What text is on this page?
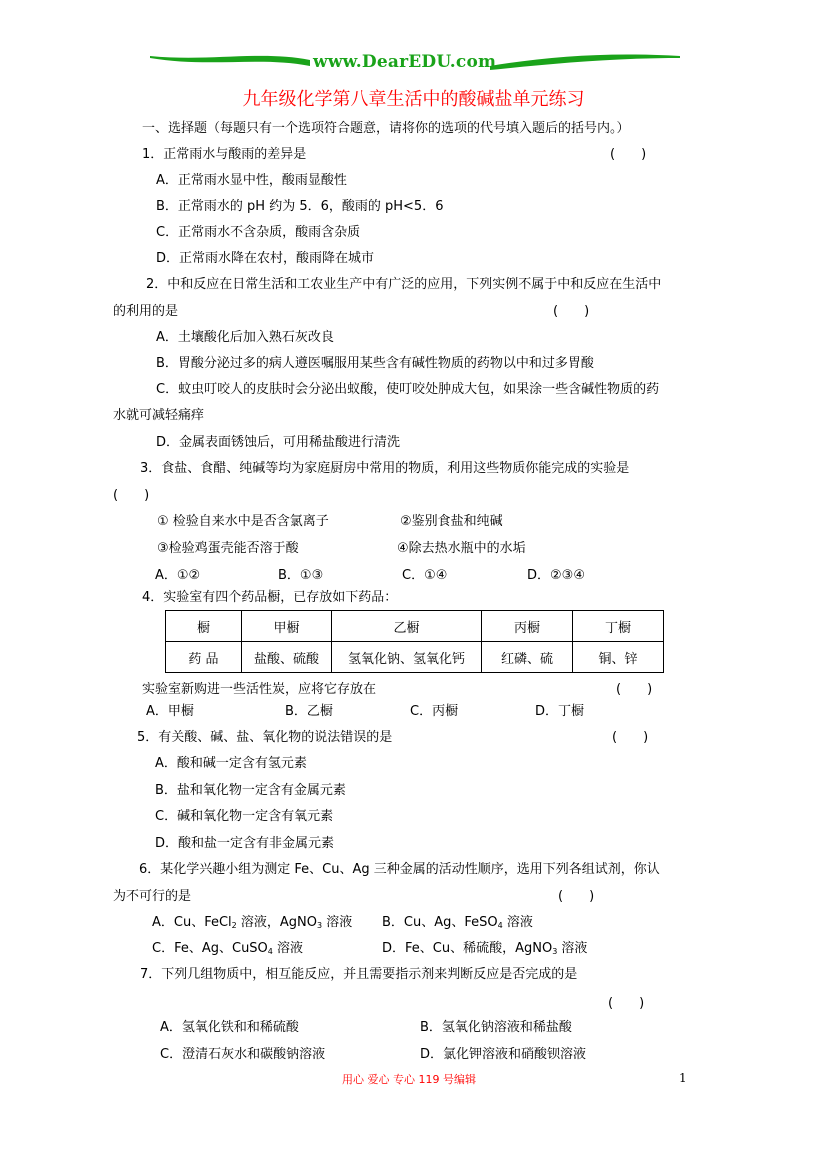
www.DearEDU.com
九年级化学第八章生活中的酸碱盐单元练习
一、选择题（每题只有一个选项符合题意，请将你的选项的代号填入题后的括号内。）
1．正常雨水与酸雨的差异是	(　　)
A．正常雨水显中性，酸雨显酸性
B．正常雨水的 pH 约为 5．6，酸雨的 pH<5．6
C．正常雨水不含杂质，酸雨含杂质
D．正常雨水降在农村，酸雨降在城市
2．中和反应在日常生活和工农业生产中有广泛的应用，下列实例不属于中和反应在生活中
的利用的是	(　　)
A．土壤酸化后加入熟石灰改良
B．胃酸分泌过多的病人遵医嘱服用某些含有碱性物质的药物以中和过多胃酸
C．蚊虫叮咬人的皮肤时会分泌出蚁酸，使叮咬处肿成大包，如果涂一些含碱性物质的药
水就可减轻痛痒
D．金属表面锈蚀后，可用稀盐酸进行清洗
3．食盐、食醋、纯碱等均为家庭厨房中常用的物质，利用这些物质你能完成的实验是
(　　)
① 检验自来水中是否含氯离子	②鉴别食盐和纯碱
③检验鸡蛋壳能否溶于酸	④除去热水瓶中的水垢
A．①②	B．①③	C．①④	D．②③④
4．实验室有四个药品橱，已存放如下药品：
橱	甲橱	乙橱	丙橱	丁橱
药 品	盐酸、硫酸	氢氧化钠、氢氧化钙	红磷、硫	铜、锌
实验室新购进一些活性炭，应将它存放在	(　　)
A．甲橱	B．乙橱	C．丙橱	D．丁橱
5．有关酸、碱、盐、氧化物的说法错误的是	(　　)
A．酸和碱一定含有氢元素
B．盐和氧化物一定含有金属元素
C．碱和氧化物一定含有氧元素
D．酸和盐一定含有非金属元素
6．某化学兴趣小组为测定 Fe、Cu、Ag 三种金属的活动性顺序，选用下列各组试剂，你认
为不可行的是	(　　)
A．Cu、FeCl$_2$ 溶液，AgNO$_3$ 溶液 B．Cu、Ag、FeSO$_4$ 溶液
C．Fe、Ag、CuSO$_4$ 溶液	D．Fe、Cu、稀硫酸，AgNO$_3$ 溶液
7．下列几组物质中，相互能反应，并且需要指示剂来判断反应是否完成的是
(　　)
A．氢氧化铁和和稀硫酸	B．氢氧化钠溶液和稀盐酸
C．澄清石灰水和碳酸钠溶液	D．氯化钾溶液和硝酸钡溶液
用心 爱心 专心 119 号编辑	1
